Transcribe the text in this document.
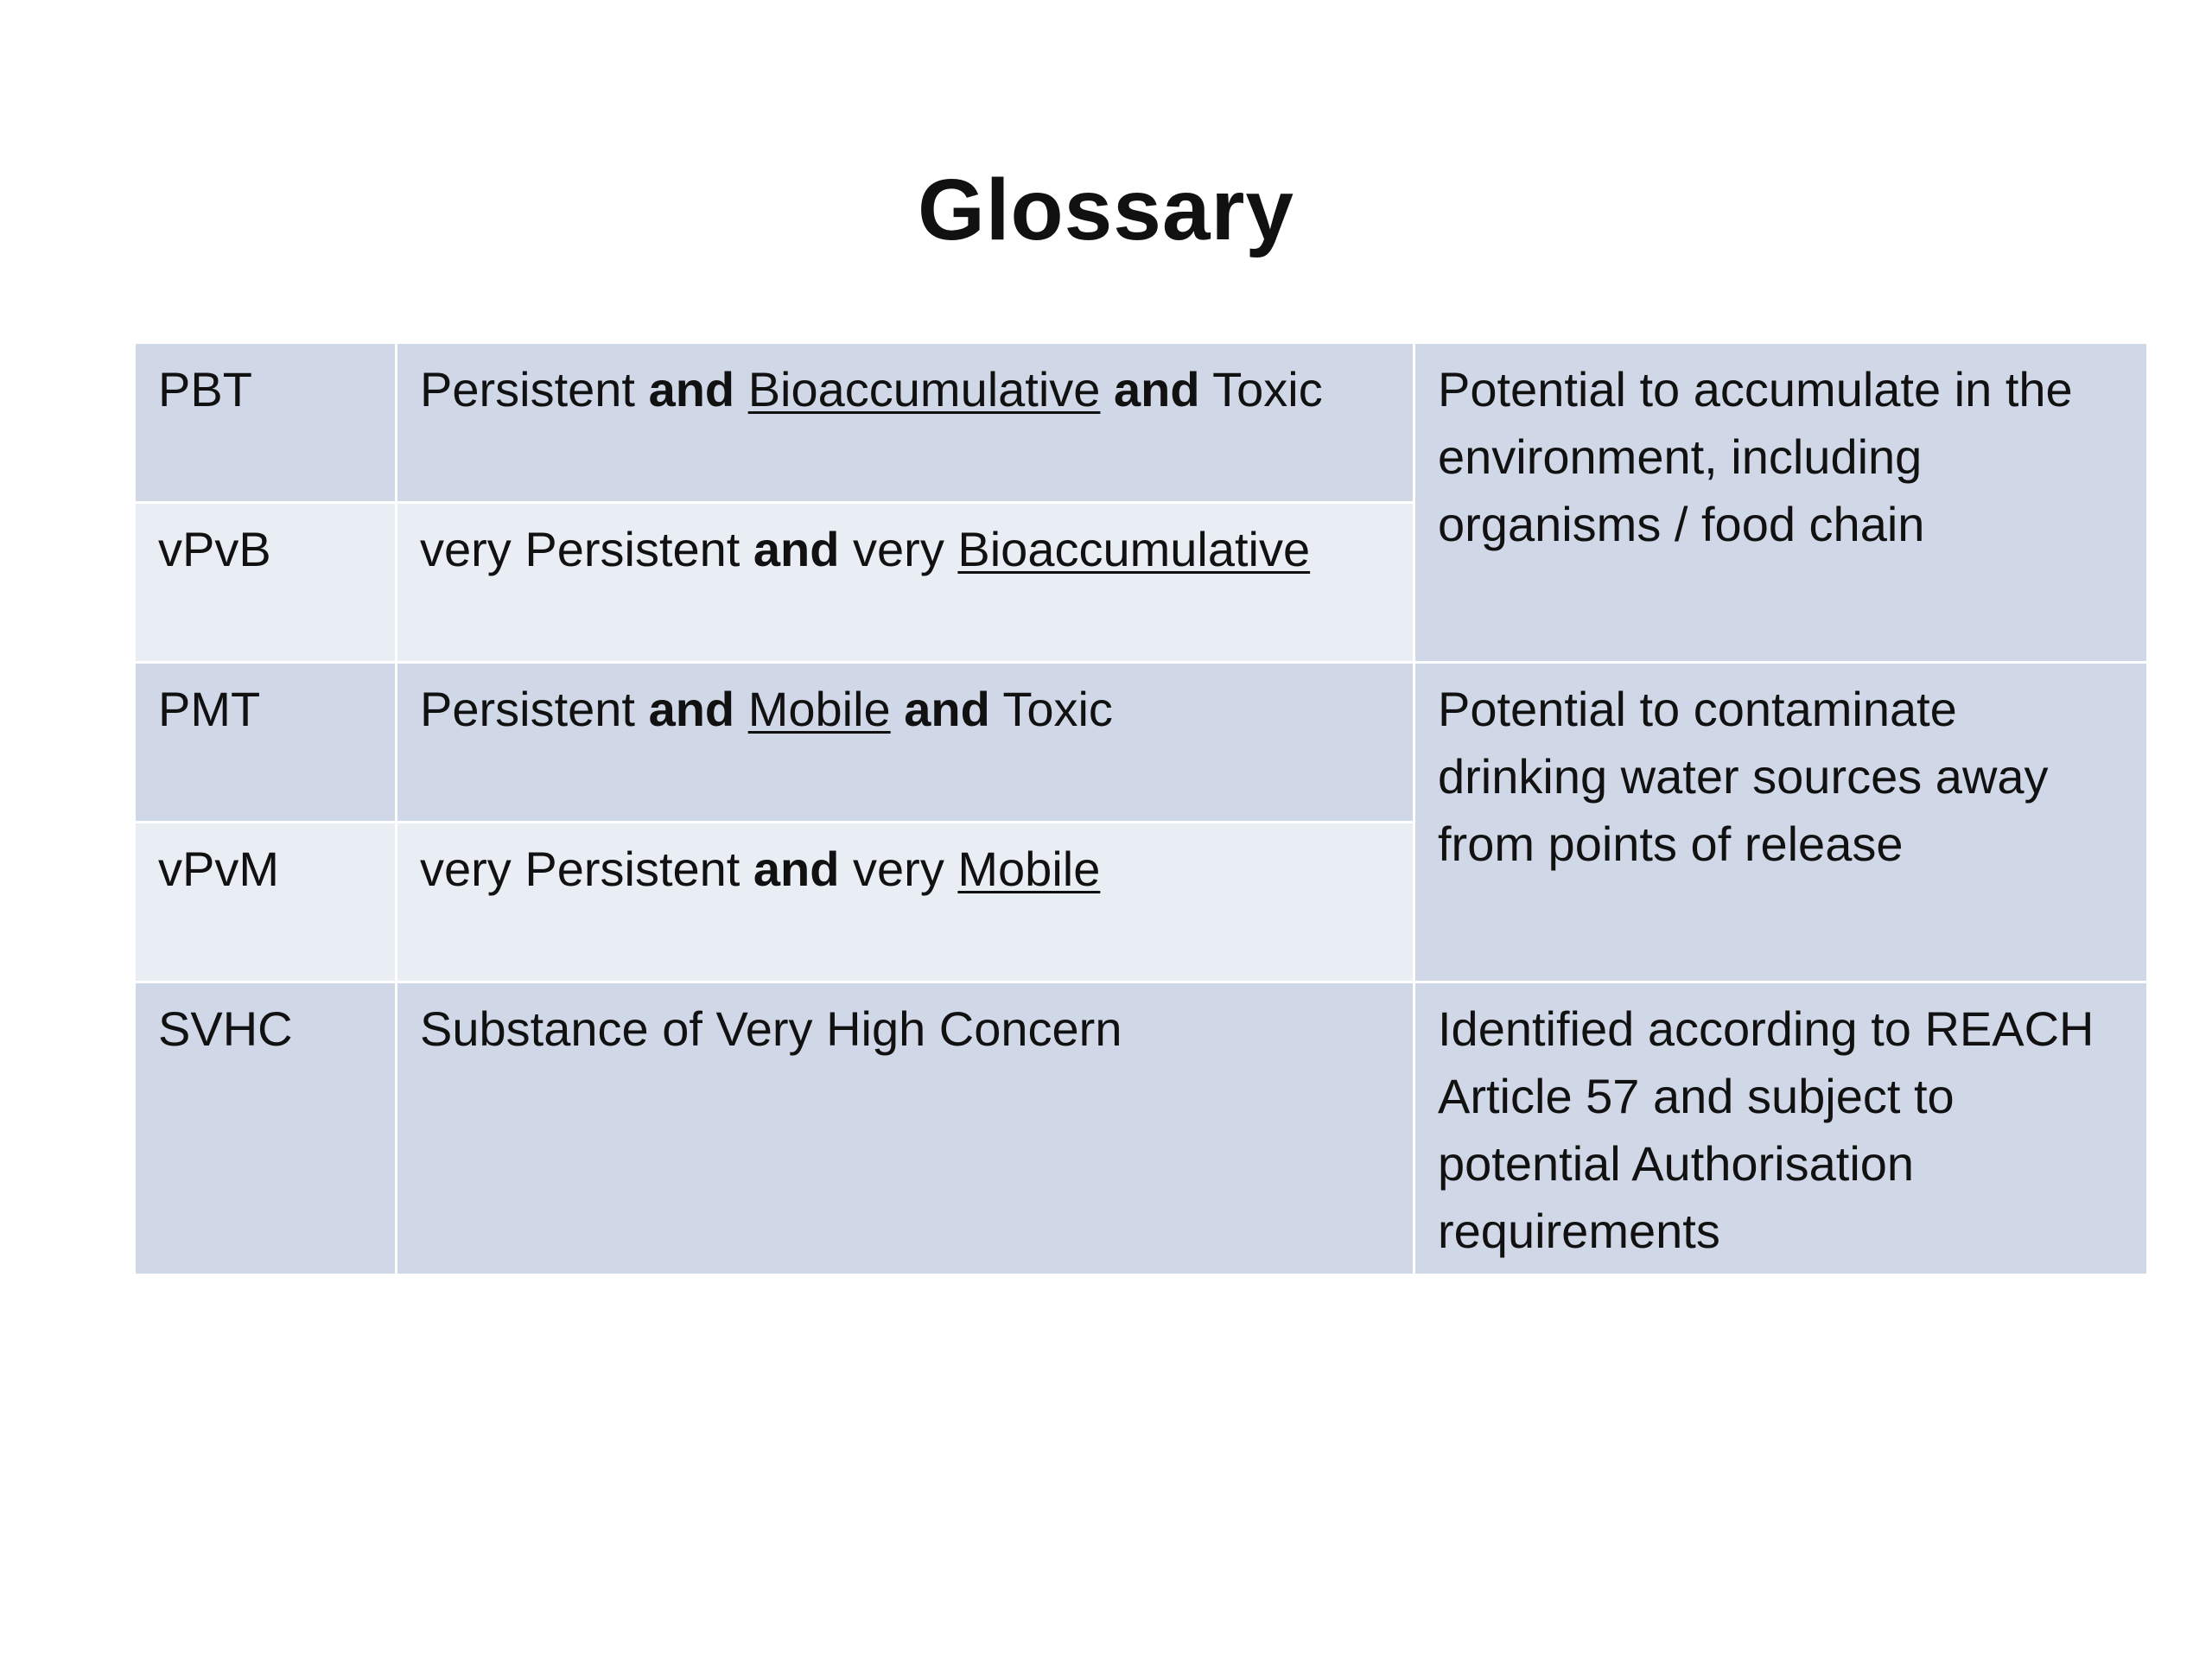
Glossary
PBT	Persistent and Bioaccumulative and Toxic	Potential to accumulate in the environment, including organisms / food chain
vPvB	very Persistent and very Bioaccumulative	
PMT	Persistent and Mobile and Toxic	Potential to contaminate drinking water sources away from points of release
vPvM	very Persistent and very Mobile	
SVHC	Substance of Very High Concern	Identified according to REACH Article 57 and subject to potential Authorisation requirements
